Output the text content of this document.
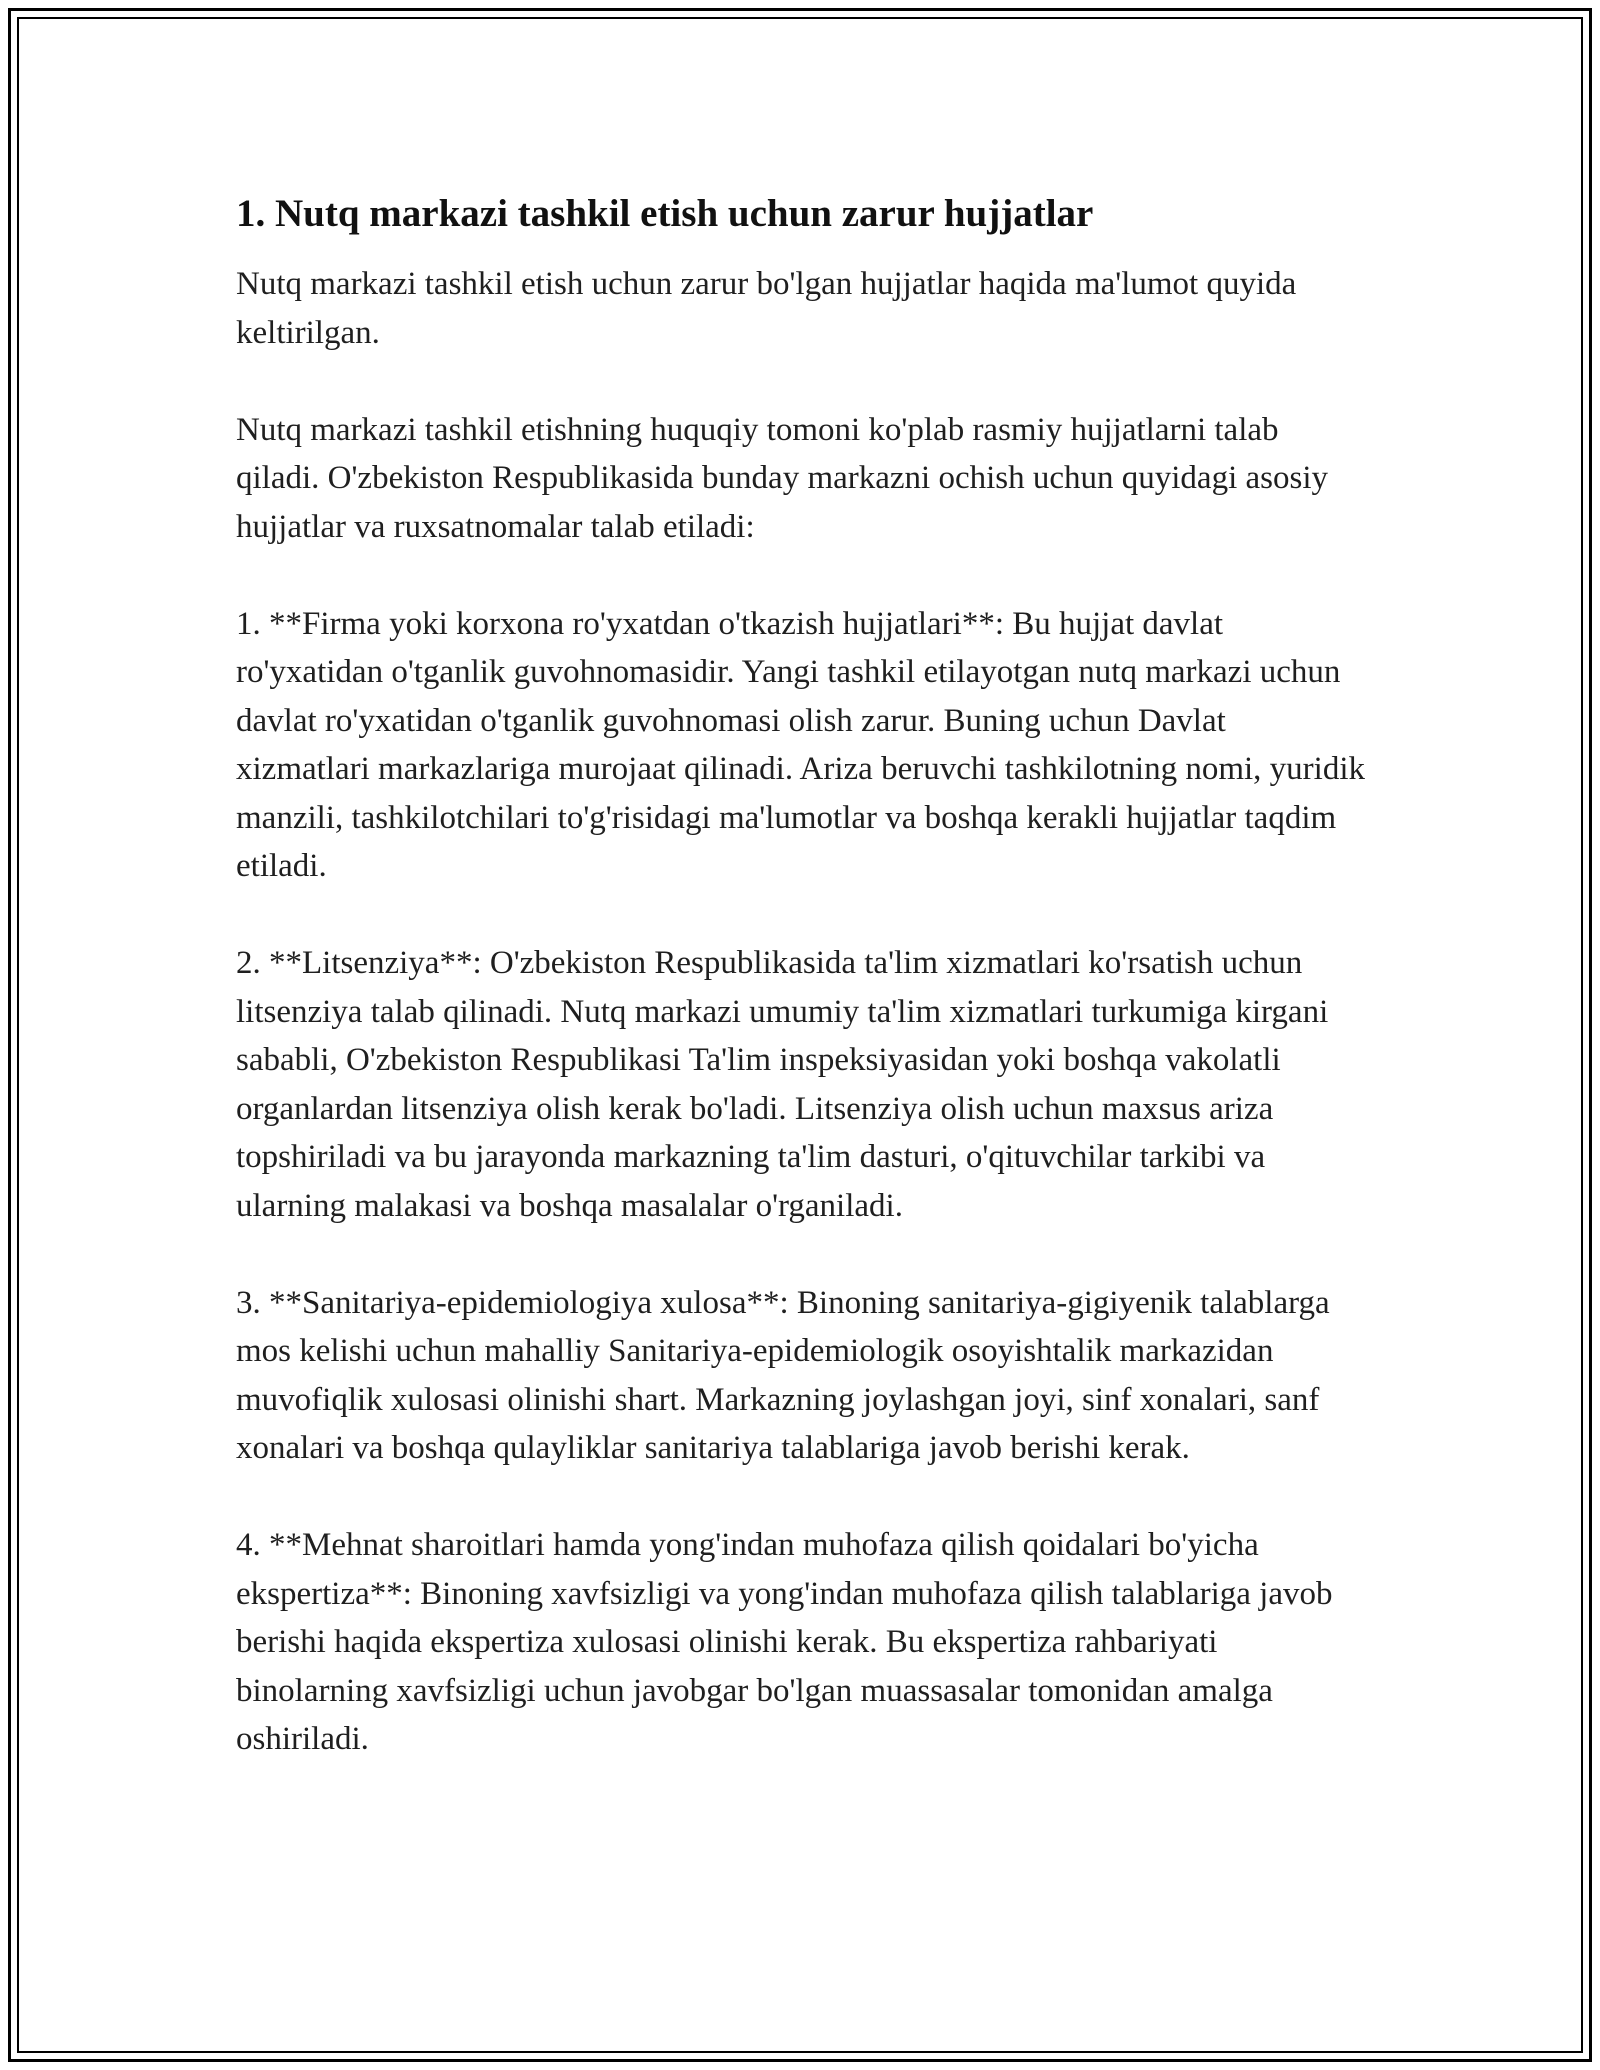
1. Nutq markazi tashkil etish uchun zarur hujjatlar

Nutq markazi tashkil etish uchun zarur bo'lgan hujjatlar haqida ma'lumot quyida keltirilgan.

Nutq markazi tashkil etishning huquqiy tomoni ko'plab rasmiy hujjatlarni talab qiladi. O'zbekiston Respublikasida bunday markazni ochish uchun quyidagi asosiy hujjatlar va ruxsatnomalar talab etiladi:

1. **Firma yoki korxona ro'yxatdan o'tkazish hujjatlari**: Bu hujjat davlat ro'yxatidan o'tganlik guvohnomasidir. Yangi tashkil etilayotgan nutq markazi uchun davlat ro'yxatidan o'tganlik guvohnomasi olish zarur. Buning uchun Davlat xizmatlari markazlariga murojaat qilinadi. Ariza beruvchi tashkilotning nomi, yuridik manzili, tashkilotchilari to'g'risidagi ma'lumotlar va boshqa kerakli hujjatlar taqdim etiladi.

2. **Litsenziya**: O'zbekiston Respublikasida ta'lim xizmatlari ko'rsatish uchun litsenziya talab qilinadi. Nutq markazi umumiy ta'lim xizmatlari turkumiga kirgani sababli, O'zbekiston Respublikasi Ta'lim inspeksiyasidan yoki boshqa vakolatli organlardan litsenziya olish kerak bo'ladi. Litsenziya olish uchun maxsus ariza topshiriladi va bu jarayonda markazning ta'lim dasturi, o'qituvchilar tarkibi va ularning malakasi va boshqa masalalar o'rganiladi.

3. **Sanitariya-epidemiologiya xulosa**: Binoning sanitariya-gigiyenik talablarga mos kelishi uchun mahalliy Sanitariya-epidemiologik osoyishtalik markazidan muvofiqlik xulosasi olinishi shart. Markazning joylashgan joyi, sinf xonalari, sanf xonalari va boshqa qulayliklar sanitariya talablariga javob berishi kerak.

4. **Mehnat sharoitlari hamda yong'indan muhofaza qilish qoidalari bo'yicha ekspertiza**: Binoning xavfsizligi va yong'indan muhofaza qilish talablariga javob berishi haqida ekspertiza xulosasi olinishi kerak. Bu ekspertiza rahbariyati binolarning xavfsizligi uchun javobgar bo'lgan muassasalar tomonidan amalga oshiriladi.
